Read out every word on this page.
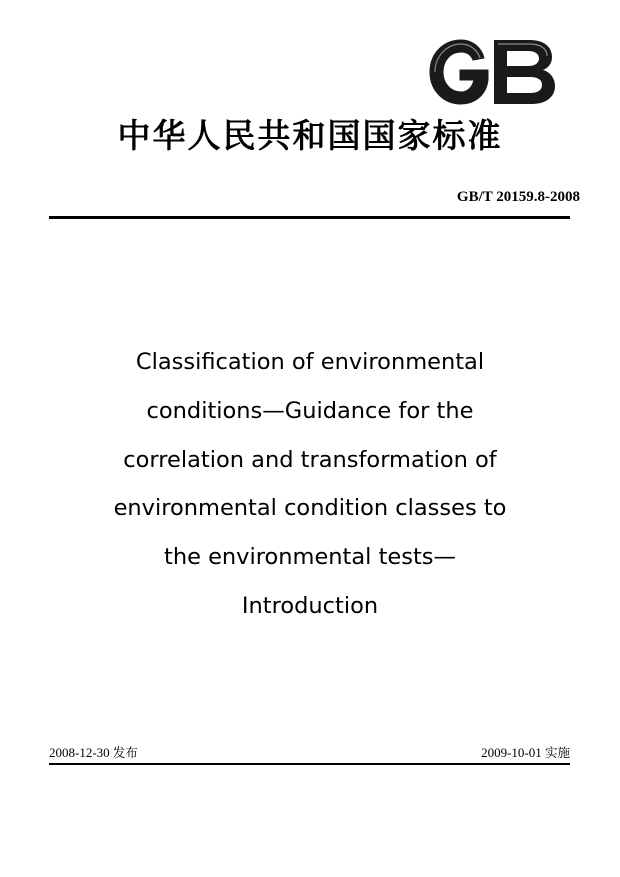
中华人民共和国国家标准
GB/T 20159.8-2008
Classification of environmental
conditions—Guidance for the
correlation and transformation of
environmental condition classes to
the environmental tests—
Introduction
2008-12-30 发布	2009-10-01 实施
